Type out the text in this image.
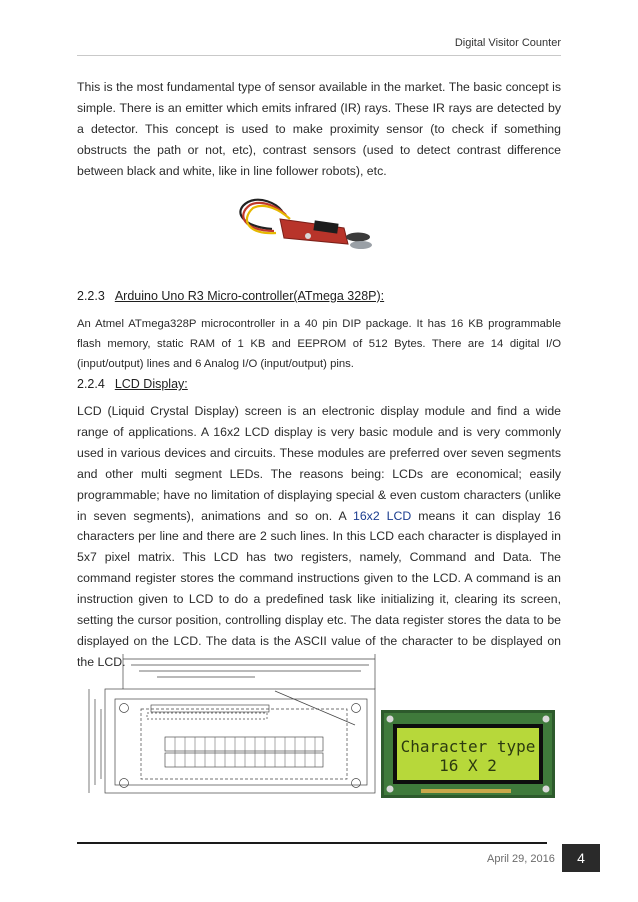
Digital Visitor Counter

This is the most fundamental type of sensor available in the market. The basic concept is simple. There is an emitter which emits infrared (IR) rays. These IR rays are detected by a detector. This concept is used to make proximity sensor (to check if something obstructs the path or not, etc), contrast sensors (used to detect contrast difference between black and white, like in line follower robots), etc.

2.2.3 Arduino Uno R3 Micro-controller(ATmega 328P):

An Atmel ATmega328P microcontroller in a 40 pin DIP package. It has 16 KB programmable flash memory, static RAM of 1 KB and EEPROM of 512 Bytes. There are 14 digital I/O (input/output) lines and 6 Analog I/O (input/output) pins.

2.2.4 LCD Display:

LCD (Liquid Crystal Display) screen is an electronic display module and find a wide range of applications. A 16x2 LCD display is very basic module and is very commonly used in various devices and circuits. These modules are preferred over seven segments and other multi segment LEDs. The reasons being: LCDs are economical; easily programmable; have no limitation of displaying special & even custom characters (unlike in seven segments), animations and so on. A 16x2 LCD means it can display 16 characters per line and there are 2 such lines. In this LCD each character is displayed in 5x7 pixel matrix. This LCD has two registers, namely, Command and Data. The command register stores the command instructions given to the LCD. A command is an instruction given to LCD to do a predefined task like initializing it, clearing its screen, setting the cursor position, controlling display etc. The data register stores the data to be displayed on the LCD. The data is the ASCII value of the character to be displayed on the LCD.

Character type
16 X 2
April 29, 2016	4
